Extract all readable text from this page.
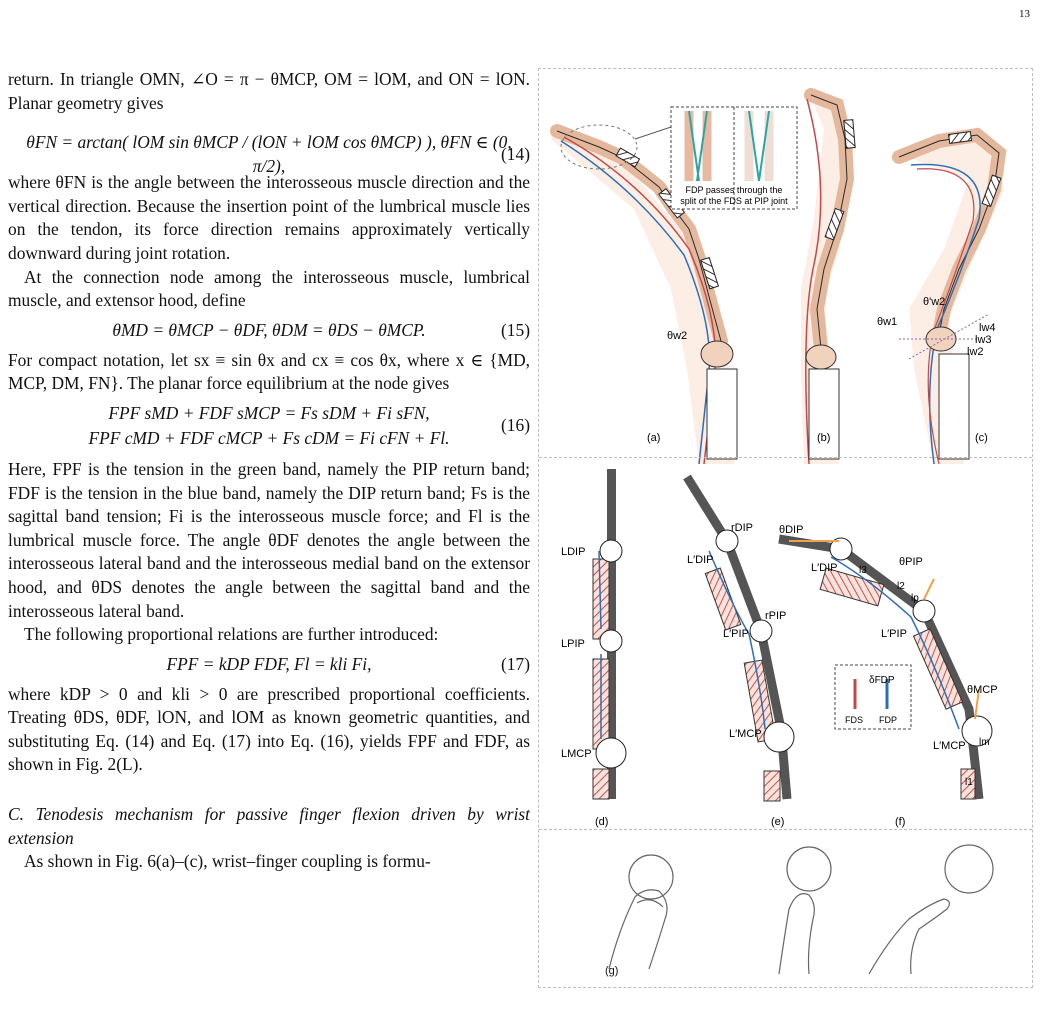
13

return. In triangle OMN, ∠O = π − θMCP, OM = lOM, and ON = lON. Planar geometry gives

θFN = arctan( lOM sin θMCP / (lON + lOM cos θMCP) ), θFN ∈ (0, π/2),
(14)

where θFN is the angle between the interosseous muscle direction and the vertical direction. Because the insertion point of the lumbrical muscle lies on the tendon, its force direction remains approximately vertically downward during joint rotation.

At the connection node among the interosseous muscle, lumbrical muscle, and extensor hood, define

θMD = θMCP − θDF, θDM = θDS − θMCP.	(15)

For compact notation, let sx ≡ sin θx and cx ≡ cos θx, where x ∈ {MD, MCP, DM, FN}. The planar force equilibrium at the node gives

FPF sMD + FDF sMCP = Fs sDM + Fi sFN,
FPF cMD + FDF cMCP + Fs cDM = Fi cFN + Fl.
(16)

Here, FPF is the tension in the green band, namely the PIP return band; FDF is the tension in the blue band, namely the DIP return band; Fs is the sagittal band tension; Fi is the interosseous muscle force; and Fl is the lumbrical muscle force. The angle θDF denotes the angle between the interosseous lateral band and the interosseous medial band on the extensor hood, and θDS denotes the angle between the sagittal band and the interosseous lateral band.

The following proportional relations are further introduced:

FPF = kDP FDF, Fl = kli Fi,	(17)

where kDP > 0 and kli > 0 are prescribed proportional coefficients. Treating θDS, θDF, lON, and lOM as known geometric quantities, and substituting Eq. (14) and Eq. (17) into Eq. (16), yields FPF and FDF, as shown in Fig. 2(L).

C. Tenodesis mechanism for passive finger flexion driven by wrist extension

As shown in Fig. 6(a)–(c), wrist–finger coupling is formu-

θw2
(a)
FDP passes through the
split of the FDS at PIP joint
(b)
θ'w2
θw1	lw4
lw3
lw2
(c)
LDIP
LPIP
LMCP
(d)
rDIP
L′DIP
rPIP
L′PIP
L′MCP
(e)
θDIP
L′DIP l3
l2
lp
θPIP
L′PIP
θMCP
L′MCP lm
l1
(f)
δFDP
FDS FDP
(g)
